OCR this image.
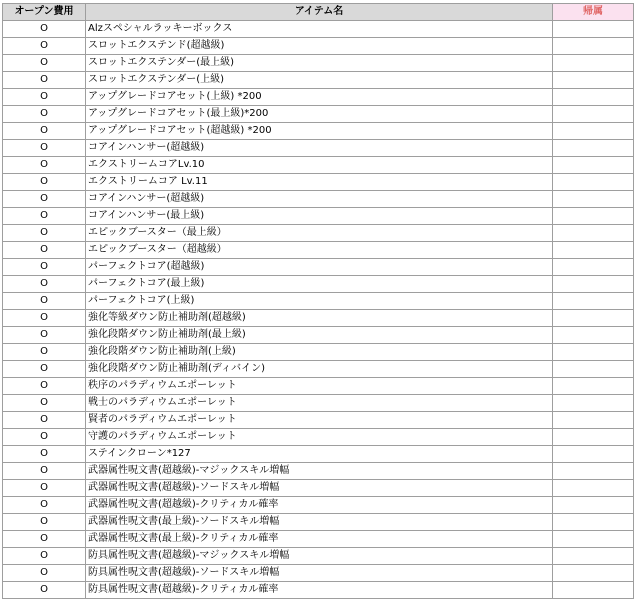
オープン費用	アイテム名	帰属
O	Alzスペシャルラッキーボックス	
O	スロットエクステンド(超越級)	
O	スロットエクステンダー(最上級)	
O	スロットエクステンダー(上級)	
O	アップグレードコアセット(上級) *200	
O	アップグレードコアセット(最上級)*200	
O	アップグレードコアセット(超越級) *200	
O	コアインハンサー(超越級)	
O	エクストリームコアLv.10	
O	エクストリームコア Lv.11	
O	コアインハンサー(超越級)	
O	コアインハンサー(最上級)	
O	エピックブースター（最上級）	
O	エピックブースター（超越級）	
O	パーフェクトコア(超越級)	
O	パーフェクトコア(最上級)	
O	パーフェクトコア(上級)	
O	強化等級ダウン防止補助剤(超越級)	
O	強化段階ダウン防止補助剤(最上級)	
O	強化段階ダウン防止補助剤(上級)	
O	強化段階ダウン防止補助剤(ディバイン)	
O	秩序のパラディウムエポーレット	
O	戦士のパラディウムエポーレット	
O	賢者のパラディウムエポーレット	
O	守護のパラディウムエポーレット	
O	ステインクローン*127	
O	武器属性呪文書(超越級)-マジックスキル増幅	
O	武器属性呪文書(超越級)-ソードスキル増幅	
O	武器属性呪文書(超越級)-クリティカル確率	
O	武器属性呪文書(最上級)-ソードスキル増幅	
O	武器属性呪文書(最上級)-クリティカル確率	
O	防具属性呪文書(超越級)-マジックスキル増幅	
O	防具属性呪文書(超越級)-ソードスキル増幅	
O	防具属性呪文書(超越級)-クリティカル確率	
